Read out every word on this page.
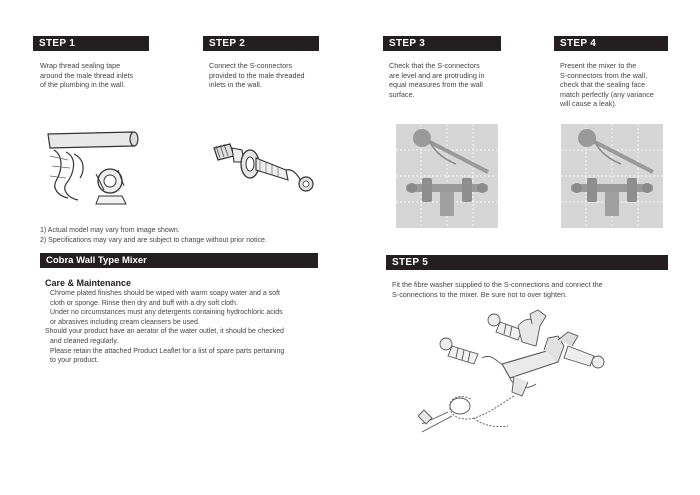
STEP 1
Wrap thread sealing tape
around the male thread inlets
of the plumbing in the wall.
STEP 2
Connect the S-connectors
provided to the male threaded
inlets in the wall.
STEP 3
Check that the S-connectors
are level and are protruding in
equal measures from the wall
surface.
STEP 4
Present the mixer to the
S-connectors from the wall,
check that the sealing face
match perfectly (any variance
will cause a leak).
1) Actual model may vary from image shown.
2) Specifications may vary and are subject to change without prior notice.
Cobra Wall Type Mixer
Care & Maintenance

Chrome plated finishes should be wiped with warm soapy water and a soft

cloth or sponge. Rinse then dry and buff with a dry soft cloth.

Under no circumstances must any detergents containing hydrochloric acids

or abrasives including cream cleansers be used.

Should your product have an aerator of the water outlet, it should be checked

and cleaned regularly.

Please retain the attached Product Leaflet for a list of spare parts pertaining

to your product.

STEP 5
Fit the fibre washer supplied to the S-connections and connect the
S-connections to the mixer. Be sure not to over tighten.
